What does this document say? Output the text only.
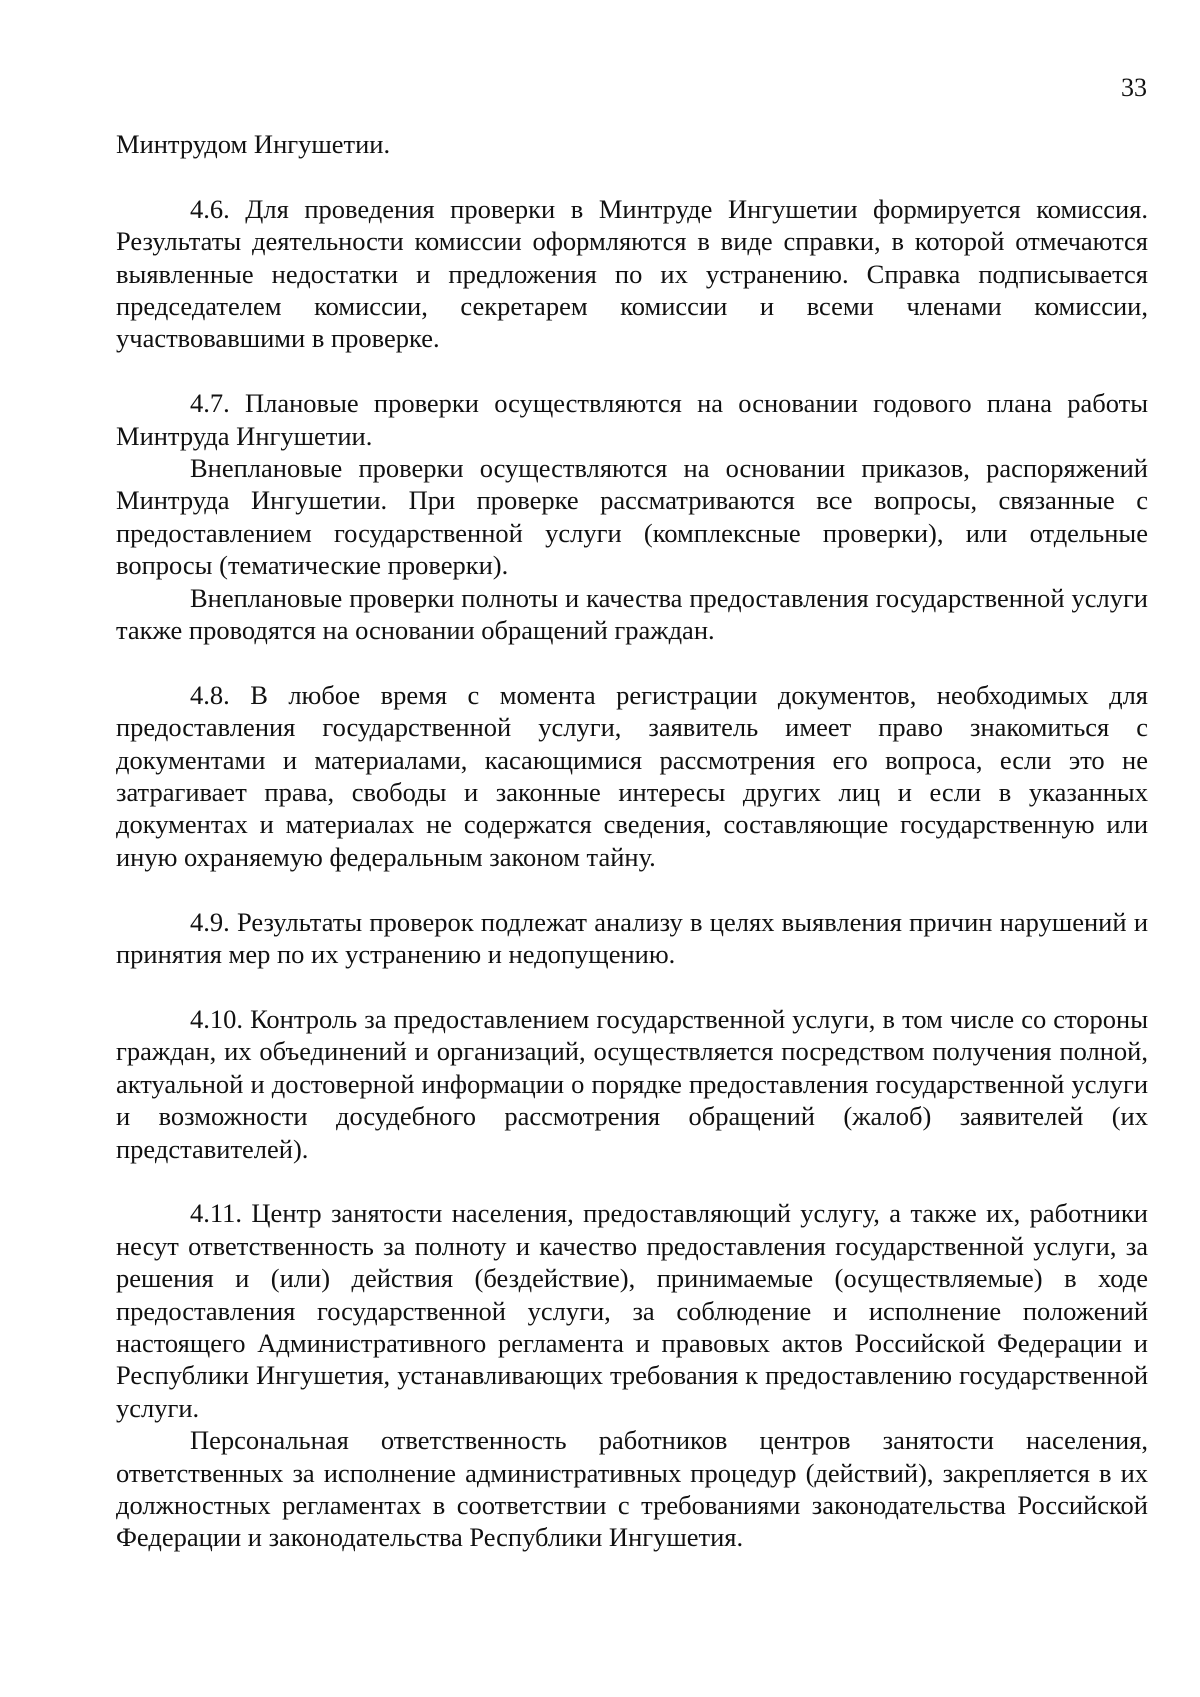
33

Минтрудом Ингушетии.

4.6. Для проведения проверки в Минтруде Ингушетии формируется комиссия. Результаты деятельности комиссии оформляются в виде справки, в которой отмечаются выявленные недостатки и предложения по их устранению. Справка подписывается председателем комиссии, секретарем комиссии и всеми членами комиссии, участвовавшими в проверке.

4.7. Плановые проверки осуществляются на основании годового плана работы Минтруда Ингушетии.

Внеплановые проверки осуществляются на основании приказов, распоряжений Минтруда Ингушетии. При проверке рассматриваются все вопросы, связанные с предоставлением государственной услуги (комплексные проверки), или отдельные вопросы (тематические проверки).

Внеплановые проверки полноты и качества предоставления государственной услуги также проводятся на основании обращений граждан.

4.8. В любое время с момента регистрации документов, необходимых для предоставления государственной услуги, заявитель имеет право знакомиться с документами и материалами, касающимися рассмотрения его вопроса, если это не затрагивает права, свободы и законные интересы других лиц и если в указанных документах и материалах не содержатся сведения, составляющие государственную или иную охраняемую федеральным законом тайну.

4.9. Результаты проверок подлежат анализу в целях выявления причин нарушений и принятия мер по их устранению и недопущению.

4.10. Контроль за предоставлением государственной услуги, в том числе со стороны граждан, их объединений и организаций, осуществляется посредством получения полной, актуальной и достоверной информации о порядке предоставления государственной услуги и возможности досудебного рассмотрения обращений (жалоб) заявителей (их представителей).

4.11. Центр занятости населения, предоставляющий услугу, а также их, работники несут ответственность за полноту и качество предоставления государственной услуги, за решения и (или) действия (бездействие), принимаемые (осуществляемые) в ходе предоставления государственной услуги, за соблюдение и исполнение положений настоящего Административного регламента и правовых актов Российской Федерации и Республики Ингушетия, устанавливающих требования к предоставлению государственной услуги.

Персональная ответственность работников центров занятости населения, ответственных за исполнение административных процедур (действий), закрепляется в их должностных регламентах в соответствии с требованиями законодательства Российской Федерации и законодательства Республики Ингушетия.
